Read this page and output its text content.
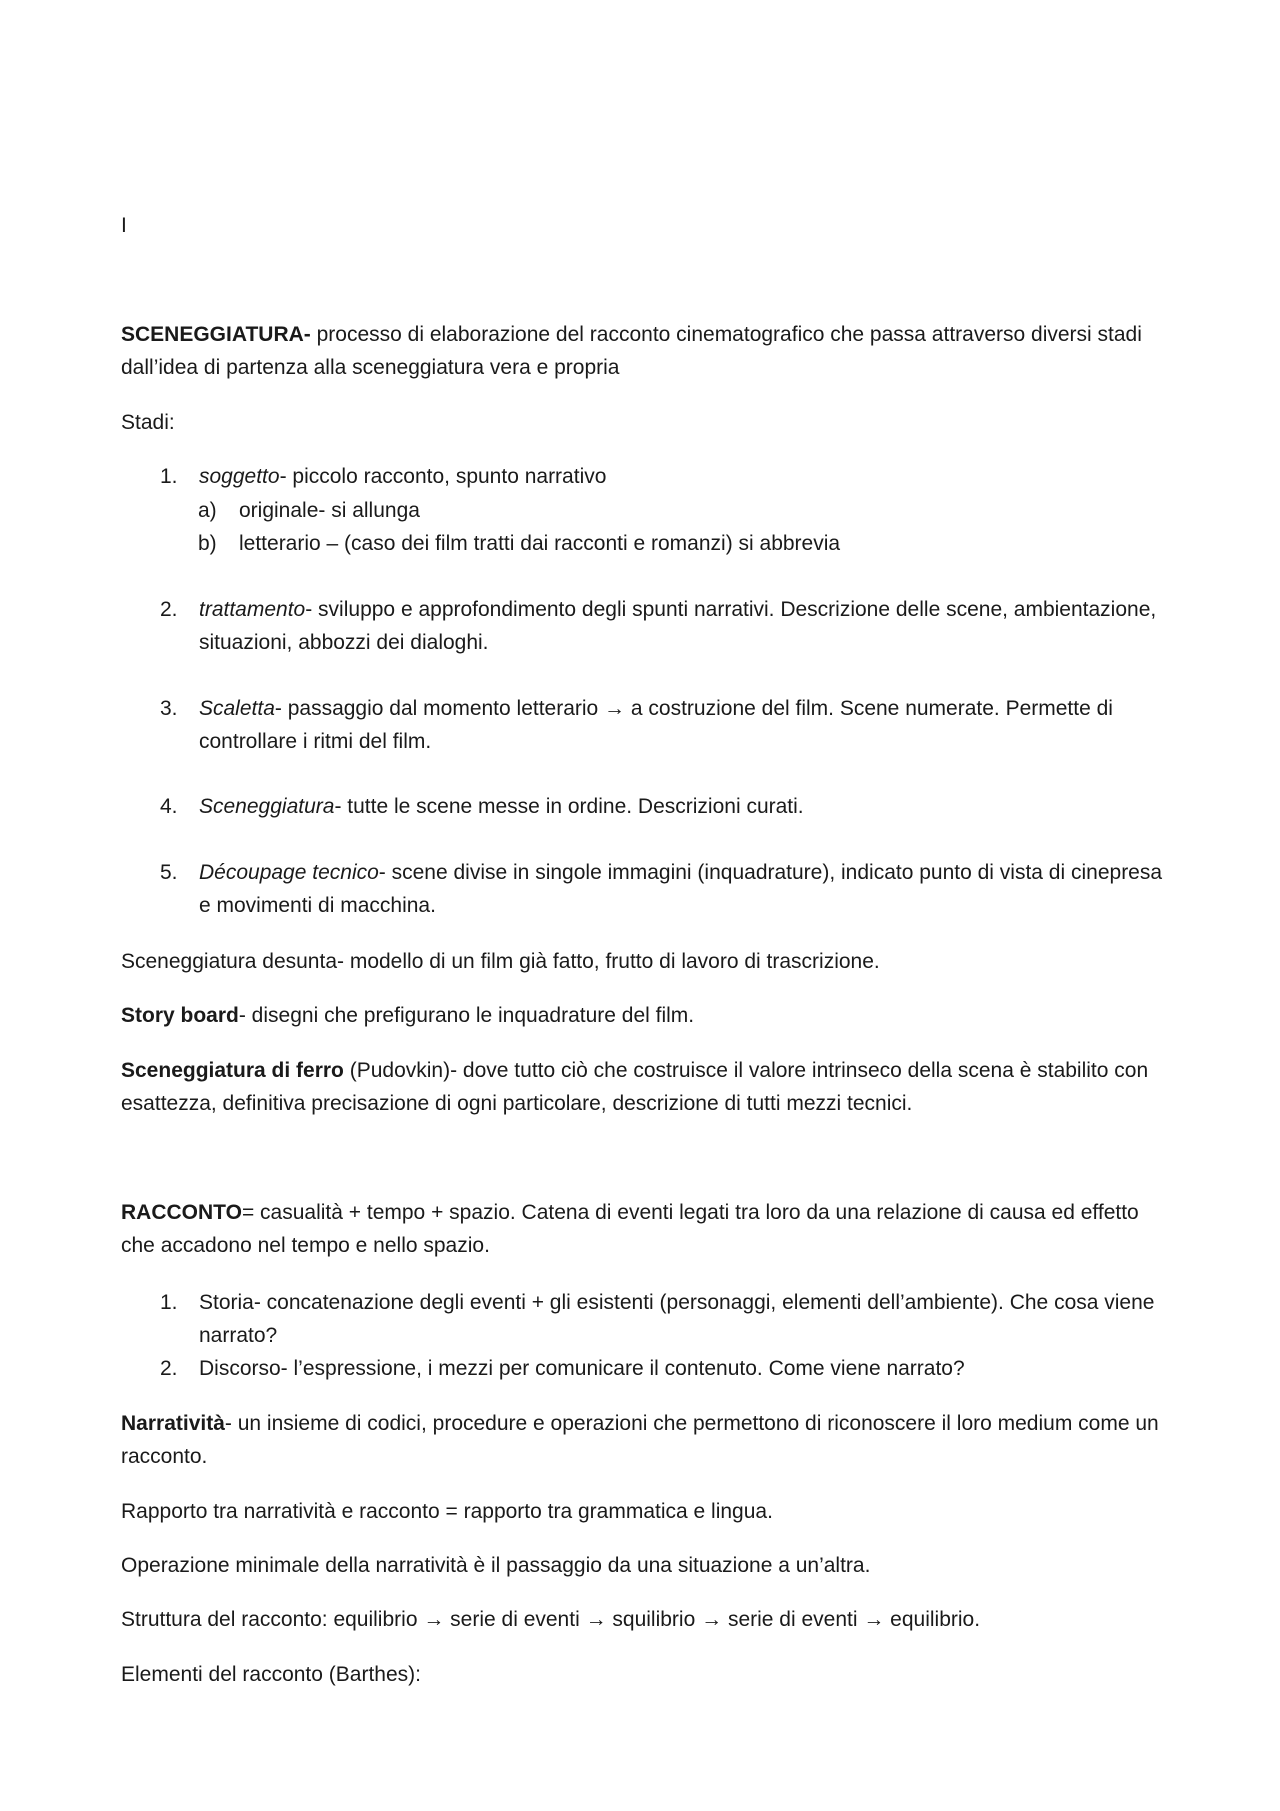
I

SCENEGGIATURA- processo di elaborazione del racconto cinematografico che passa attraverso diversi stadi dall’idea di partenza alla sceneggiatura vera e propria

Stadi:

1.	soggetto- piccolo racconto, spunto narrativo
a) originale- si allunga
b) letterario – (caso dei film tratti dai racconti e romanzi) si abbrevia
2.	trattamento- sviluppo e approfondimento degli spunti narrativi. Descrizione delle scene, ambientazione, situazioni, abbozzi dei dialoghi.
3.	Scaletta- passaggio dal momento letterario → a costruzione del film. Scene numerate. Permette di controllare i ritmi del film.
4.	Sceneggiatura- tutte le scene messe in ordine. Descrizioni curati.
5.	Découpage tecnico- scene divise in singole immagini (inquadrature), indicato punto di vista di cinepresa e movimenti di macchina.

Sceneggiatura desunta- modello di un film già fatto, frutto di lavoro di trascrizione.

Story board- disegni che prefigurano le inquadrature del film.

Sceneggiatura di ferro (Pudovkin)- dove tutto ciò che costruisce il valore intrinseco della scena è stabilito con esattezza, definitiva precisazione di ogni particolare, descrizione di tutti mezzi tecnici.

RACCONTO= casualità + tempo + spazio. Catena di eventi legati tra loro da una relazione di causa ed effetto che accadono nel tempo e nello spazio.

1.	Storia- concatenazione degli eventi + gli esistenti (personaggi, elementi dell’ambiente). Che cosa viene narrato?
2.	Discorso- l’espressione, i mezzi per comunicare il contenuto. Come viene narrato?

Narratività- un insieme di codici, procedure e operazioni che permettono di riconoscere il loro medium come un racconto.

Rapporto tra narratività e racconto = rapporto tra grammatica e lingua.

Operazione minimale della narratività è il passaggio da una situazione a un’altra.

Struttura del racconto: equilibrio → serie di eventi → squilibrio → serie di eventi → equilibrio.

Elementi del racconto (Barthes):
